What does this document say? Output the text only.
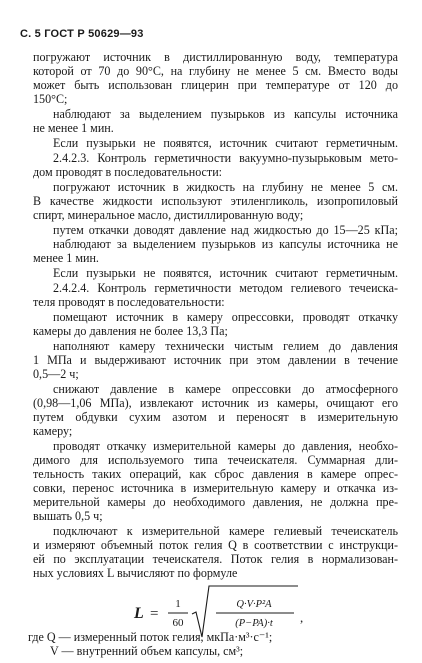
С. 5 ГОСТ Р 50629—93
погружают источник в дистиллированную воду, температура
которой от 70 до 90°С, на глубину не менее 5 см. Вместо воды
может быть использован глицерин при температуре от 120 до
150°С;
наблюдают за выделением пузырьков из капсулы источника
не менее 1 мин.
Если пузырьки не появятся, источник считают герметичным.
2.4.2.3. Контроль герметичности вакуумно-пузырьковым мето-
дом проводят в последовательности:
погружают источник в жидкость на глубину не менее 5 см.
В качестве жидкости используют этиленгликоль, изопропиловый
спирт, минеральное масло, дистиллированную воду;
путем откачки доводят давление над жидкостью до 15—25 кПа;
наблюдают за выделением пузырьков из капсулы источника не
менее 1 мин.
Если пузырьки не появятся, источник считают герметичным.
2.4.2.4. Контроль герметичности методом гелиевого течеиска-
теля проводят в последовательности:
помещают источник в камеру опрессовки, проводят откачку
камеры до давления не более 13,3 Па;
наполняют камеру технически чистым гелием до давления
1 МПа и выдерживают источник при этом давлении в течение
0,5—2 ч;
снижают давление в камере опрессовки до атмосферного
(0,98—1,06 МПа), извлекают источник из камеры, очищают его
путем обдувки сухим азотом и переносят в измерительную
камеру;
проводят откачку измерительной камеры до давления, необхо-
димого для используемого типа течеискателя. Суммарная дли-
тельность таких операций, как сброс давления в камере опрес-
совки, перенос источника в измерительную камеру и откачка из-
мерительной камеры до необходимого давления, не должна пре-
вышать 0,5 ч;
подключают к измерительной камере гелиевый течеискатель
и измеряют объемный поток гелия Q в соответствии с инструкци-
ей по эксплуатации течеискателя. Поток гелия в нормализован-
ных условиях L вычисляют по формуле
L =
1
60
Q·V·P²A
(P−PA)·t ,
где Q — измеренный поток гелия, мкПа·м³·с⁻¹;
V — внутренний объем капсулы, см³;
